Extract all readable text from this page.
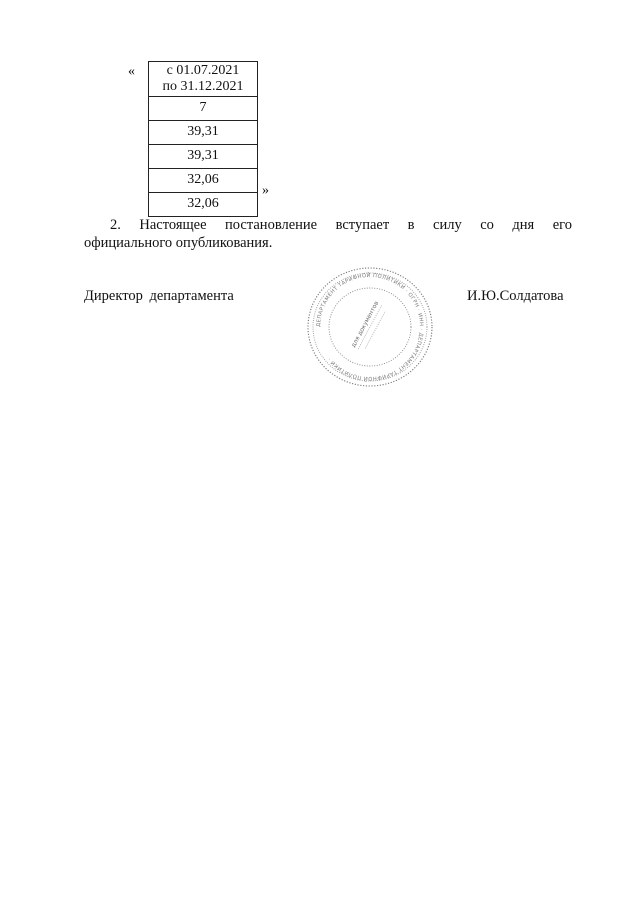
«	с 01.07.2021
по 31.12.2021

7
39,31
39,31
32,06
32,06
»
2. Настоящее постановление вступает в силу со дня его
официального опубликования.
Директор департамента
ДЕПАРТАМЕНТ ТАРИФНОЙ ПОЛИТИКИ · ОГРН · ИНН · ДЕПАРТАМЕНТ ТАРИФНОЙ ПОЛИТИКИ ·
для документов
И.Ю.Солдатова
